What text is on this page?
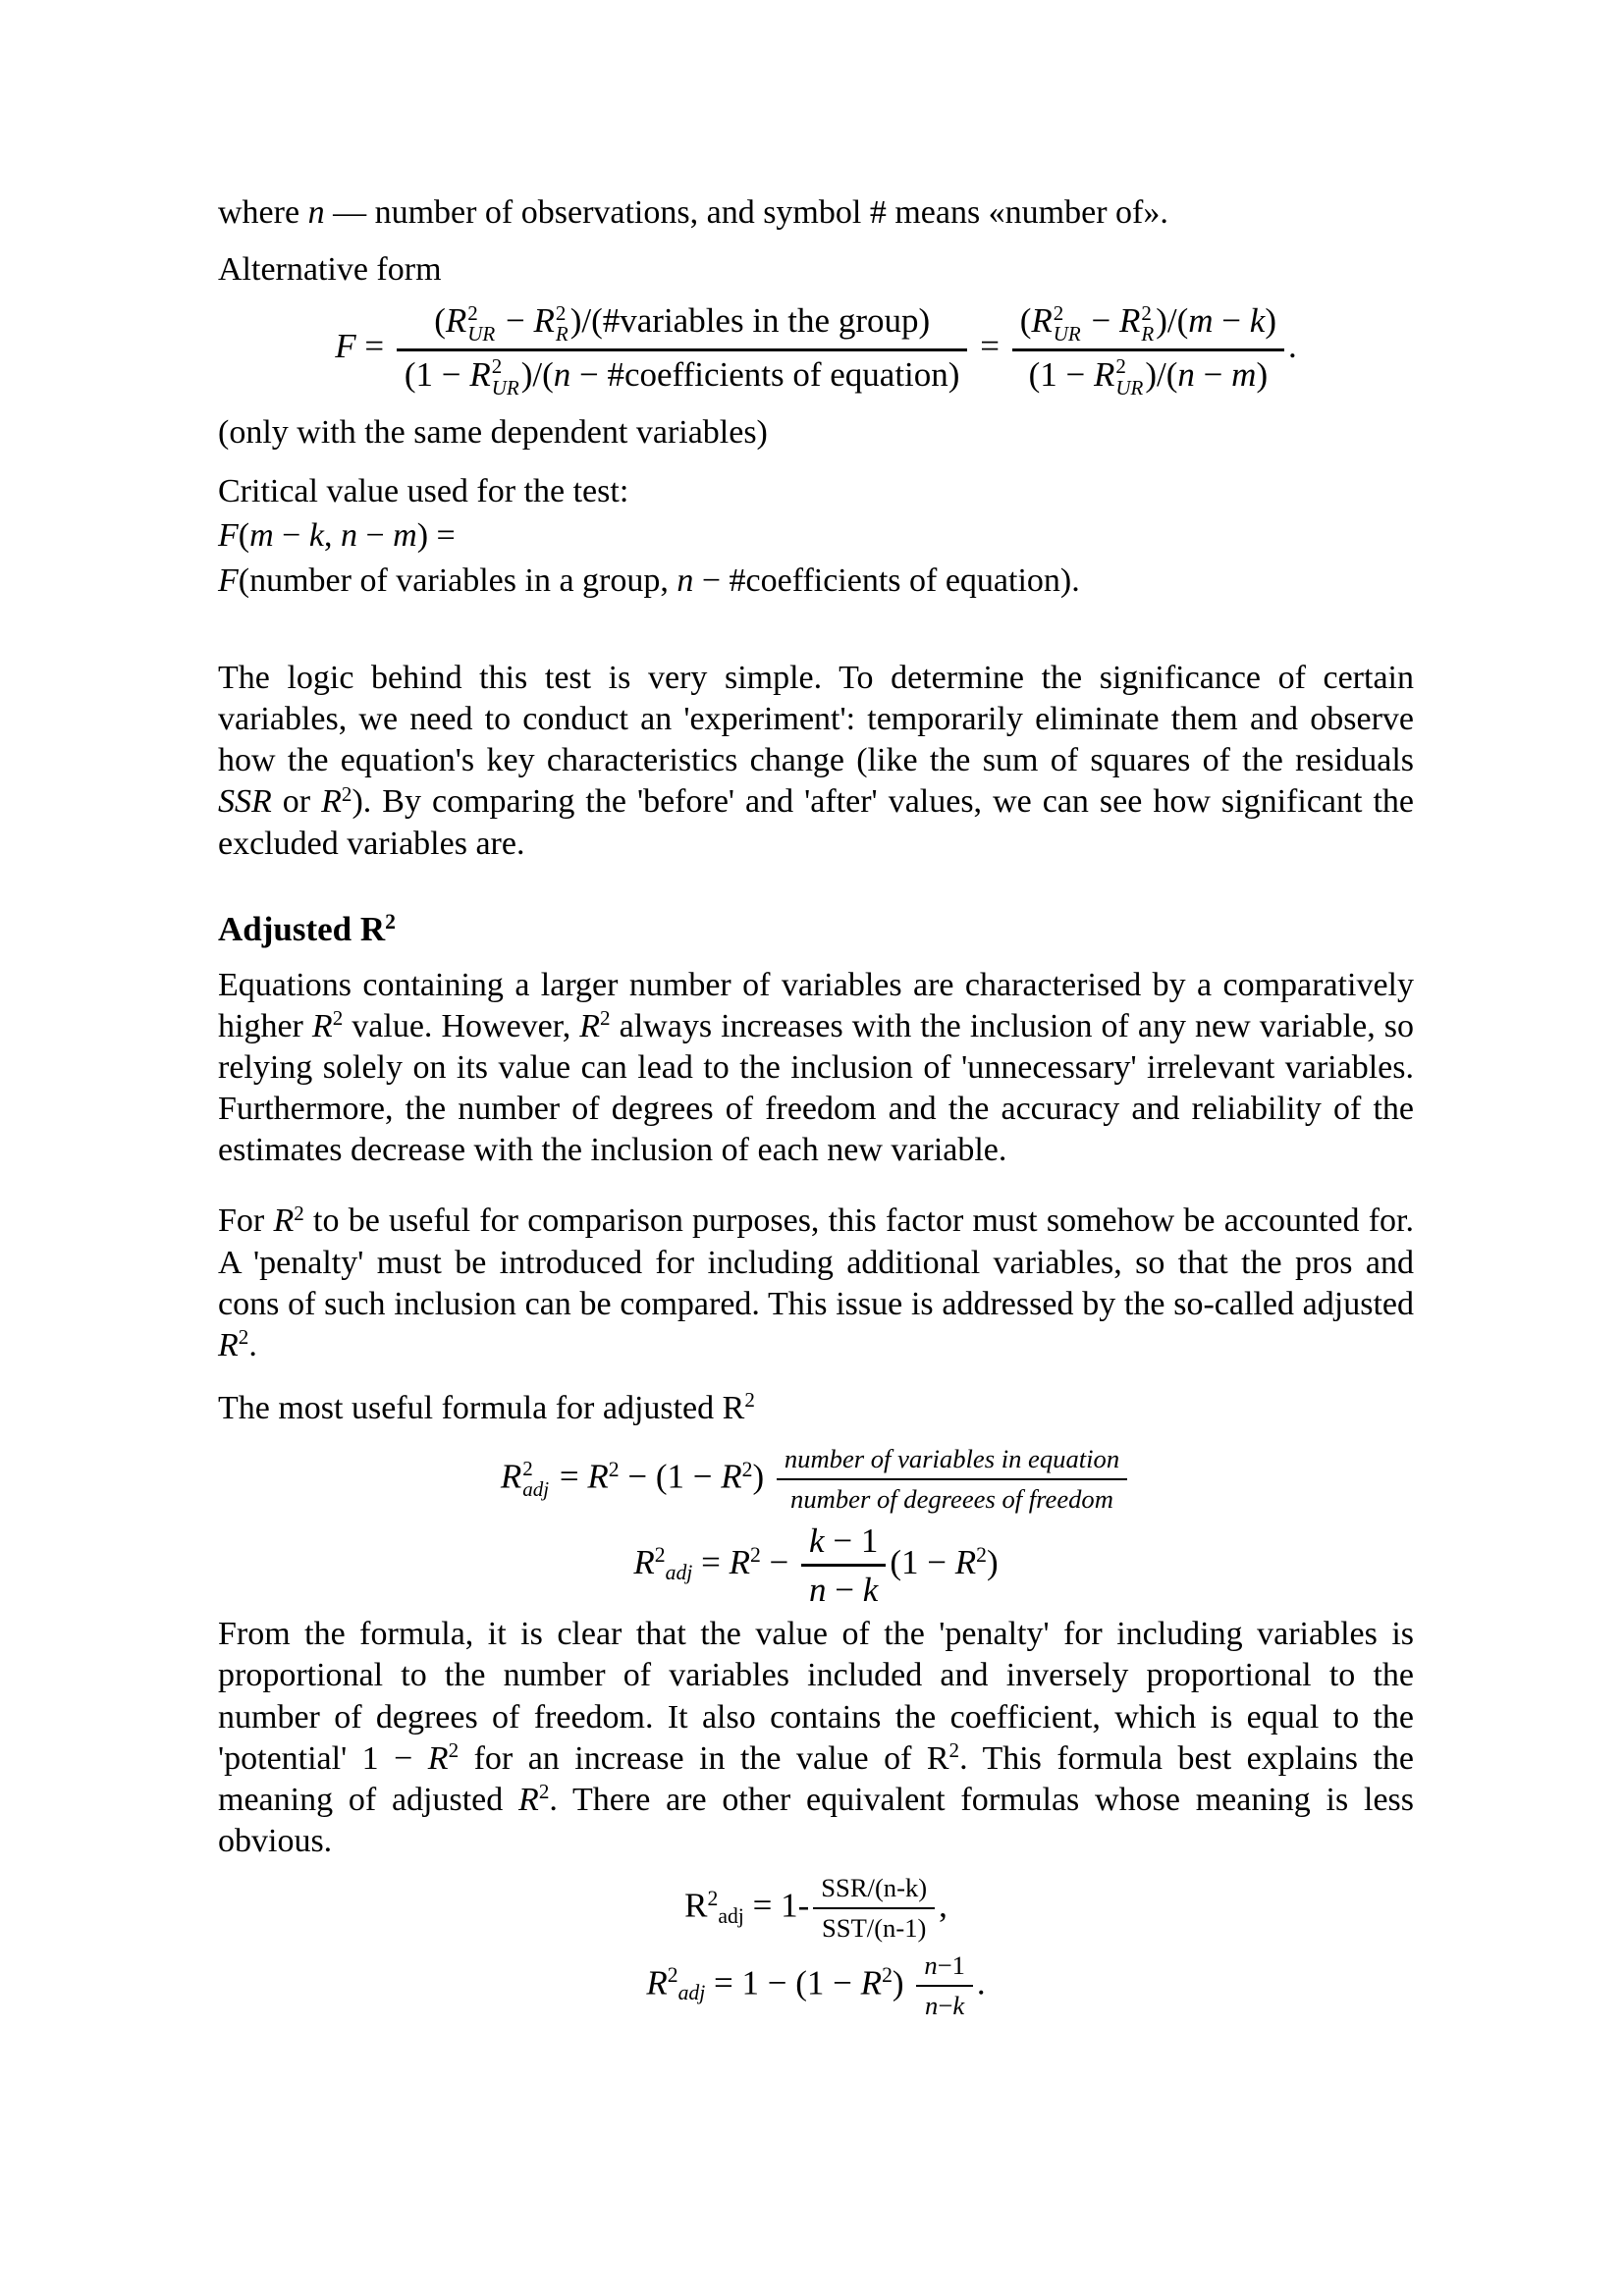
where n — number of observations, and symbol # means «number of».

Alternative form

F = (R 2
UR − R 2
R )/(#variables in the group)
(1 − R 2
UR )/(n − #coefficients of equation) = (R 2
UR − R 2
R )/(m − k)
(1 − R 2
UR )/(n − m) .

(only with the same dependent variables)

Critical value used for the test:

F(m − k, n − m) =

F(number of variables in a group, n − #coefficients of equation).

The logic behind this test is very simple. To determine the significance of certain variables, we need to conduct an 'experiment': temporarily eliminate them and observe how the equation's key characteristics change (like the sum of squares of the residuals SSR or $R^2$). By comparing the 'before' and 'after' values, we can see how significant the excluded variables are.

Adjusted $R^2$

Equations containing a larger number of variables are characterised by a comparatively higher $R^2$ value. However, $R^2$ always increases with the inclusion of any new variable, so relying solely on its value can lead to the inclusion of 'unnecessary' irrelevant variables. Furthermore, the number of degrees of freedom and the accuracy and reliability of the estimates decrease with the inclusion of each new variable.

For $R^2$ to be useful for comparison purposes, this factor must somehow be accounted for. A 'penalty' must be introduced for including additional variables, so that the pros and cons of such inclusion can be compared. This issue is addressed by the so-called adjusted $R^2$.

The most useful formula for adjusted $R^2$

R 2
adj = $R^2 - (1 - R^2) \frac{\text{number of variables in equation}}{\text{number of degreees of freedom}}$
$R^2adj = R^2 - \frac{k - 1}{n - k} (1 - R^2)$

From the formula, it is clear that the value of the 'penalty' for including variables is proportional to the number of variables included and inversely proportional to the number of degrees of freedom. It also contains the coefficient, which is equal to the 'potential' $1 - R^2$ for an increase in the value of $R^2$. This formula best explains the meaning of adjusted $R^2$. There are other equivalent formulas whose meaning is less obvious.

$R^2adj = 1- \frac{\text{SSR/(n-k)}}{\text{SST/(n-1)}}$ ,
$R^2adj = 1 - (1 - R^2) \frac{n-1}{n-k}$ .
